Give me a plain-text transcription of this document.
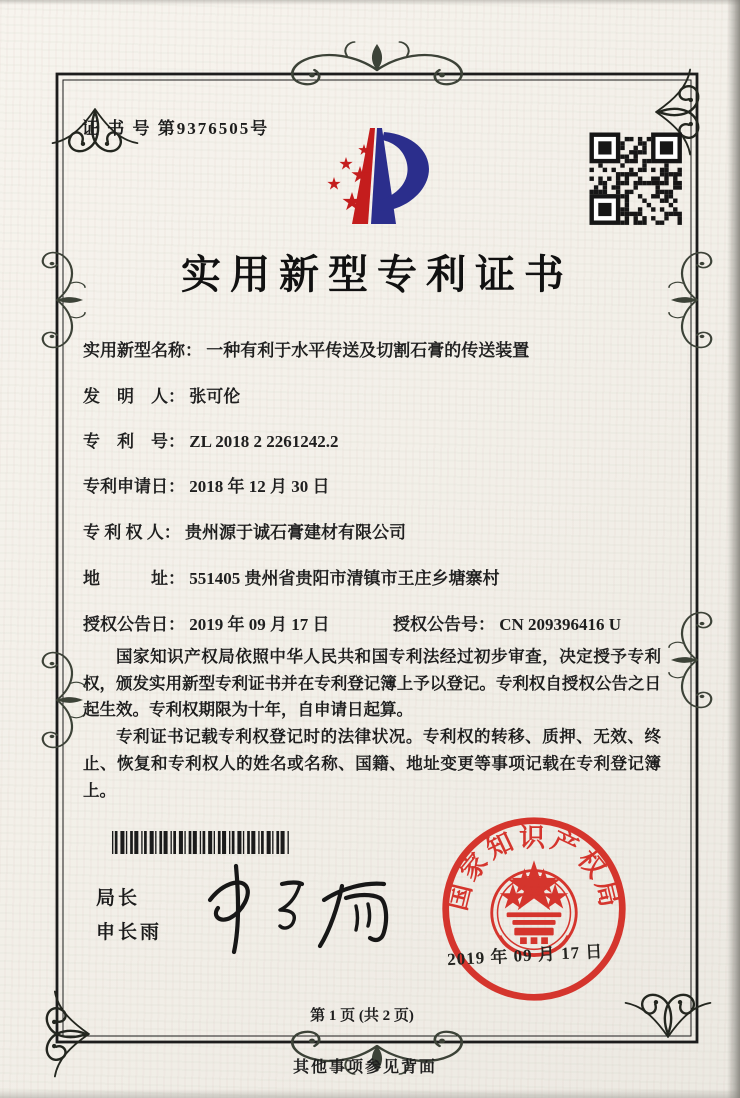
证 书 号 第9376505号
实用新型专利证书
实用新型名称： 一种有利于水平传送及切割石膏的传送装置
发　明　人： 张可伦
专　利　号： ZL 2018 2 2261242.2
专利申请日： 2018 年 12 月 30 日
专 利 权 人： 贵州源于诚石膏建材有限公司
地　　　址： 551405 贵州省贵阳市清镇市王庄乡塘寨村
授权公告日： 2019 年 09 月 17 日	授权公告号： CN 209396416 U

国家知识产权局依照中华人民共和国专利法经过初步审查，决定授予专利权，颁发实用新型专利证书并在专利登记簿上予以登记。专利权自授权公告之日起生效。专利权期限为十年，自申请日起算。

专利证书记载专利权登记时的法律状况。专利权的转移、质押、无效、终止、恢复和专利权人的姓名或名称、国籍、地址变更等事项记载在专利登记簿上。

局长
申长雨
国家知识产权局
2019 年 09 月 17 日
第 1 页 (共 2 页)
其他事项参见背面
